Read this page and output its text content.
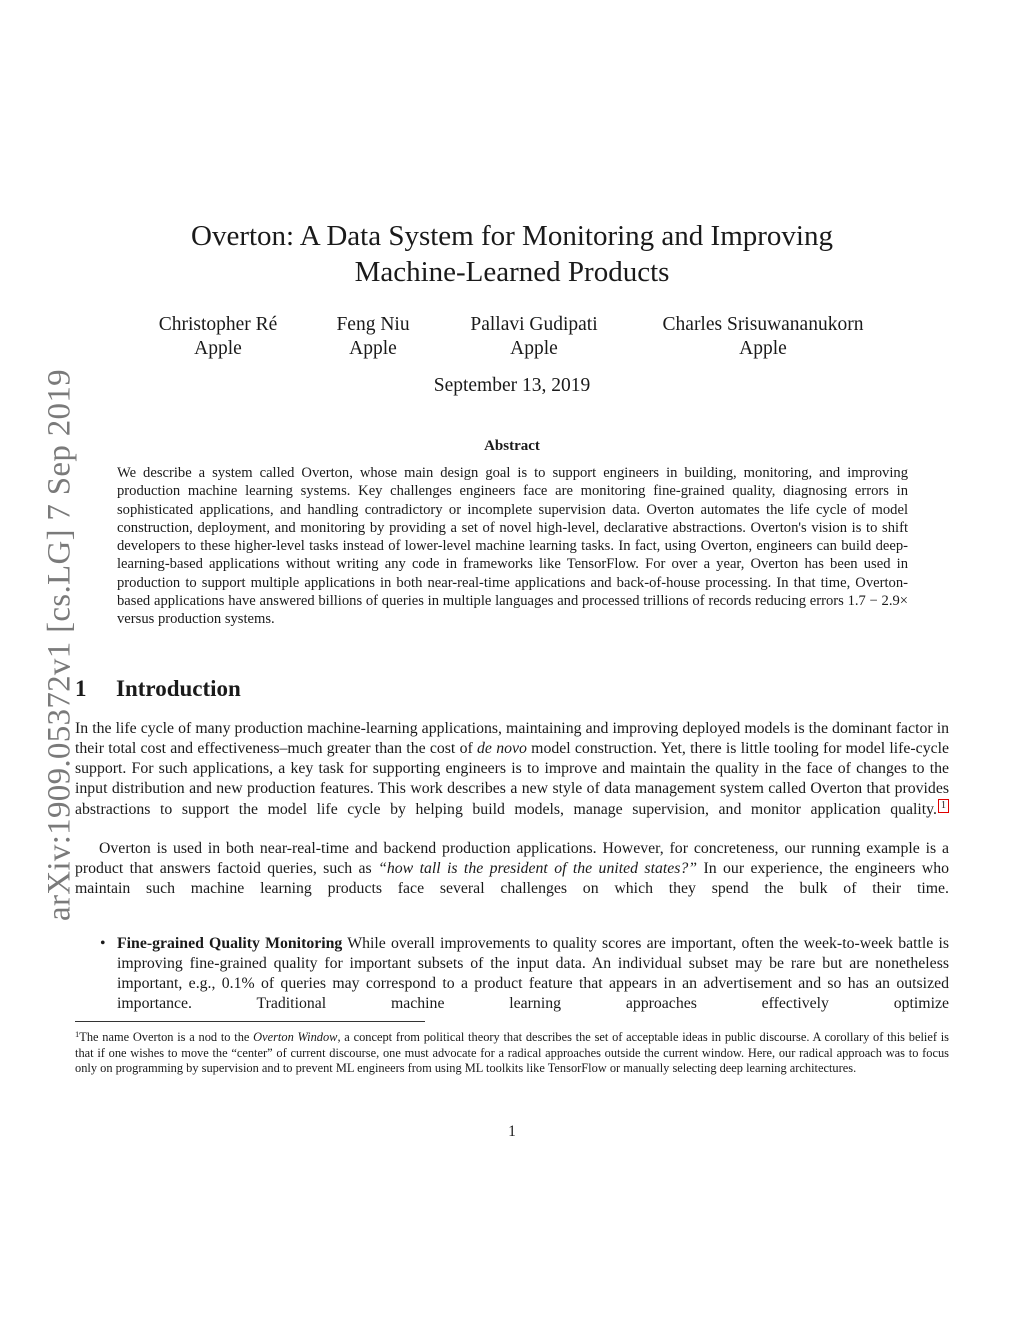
arXiv:1909.05372v1 [cs.LG] 7 Sep 2019
Overton: A Data System for Monitoring and Improving
Machine-Learned Products
Christopher Ré
Apple
Feng Niu
Apple
Pallavi Gudipati
Apple
Charles Srisuwananukorn
Apple
September 13, 2019
Abstract
We describe a system called Overton, whose main design goal is to support engineers in building, monitoring, and improving production machine learning systems. Key challenges engineers face are monitoring fine-grained quality, diagnosing errors in sophisticated applications, and handling contradictory or incomplete supervision data. Overton automates the life cycle of model construction, deployment, and monitoring by providing a set of novel high-level, declarative abstractions. Overton's vision is to shift developers to these higher-level tasks instead of lower-level machine learning tasks. In fact, using Overton, engineers can build deep-learning-based applications without writing any code in frameworks like TensorFlow. For over a year, Overton has been used in production to support multiple applications in both near-real-time applications and back-of-house processing. In that time, Overton-based applications have answered billions of queries in multiple languages and processed trillions of records reducing errors 1.7 − 2.9× versus production systems.
1 Introduction
In the life cycle of many production machine-learning applications, maintaining and improving deployed models is the dominant factor in their total cost and effectiveness–much greater than the cost of de novo model construction. Yet, there is little tooling for model life-cycle support. For such applications, a key task for supporting engineers is to improve and maintain the quality in the face of changes to the input distribution and new production features. This work describes a new style of data management system called Overton that provides abstractions to support the model life cycle by helping build models, manage supervision, and monitor application quality. 1
Overton is used in both near-real-time and backend production applications. However, for concreteness, our running example is a product that answers factoid queries, such as “how tall is the president of the united states?” In our experience, the engineers who maintain such machine learning products face several challenges on which they spend the bulk of their time.
• Fine-grained Quality Monitoring While overall improvements to quality scores are important, often the week-to-week battle is improving fine-grained quality for important subsets of the input data. An individual subset may be rare but are nonetheless important, e.g., 0.1% of queries may correspond to a product feature that appears in an advertisement and so has an outsized importance. Traditional machine learning approaches effectively optimize
$^1$The name Overton is a nod to the Overton Window, a concept from political theory that describes the set of acceptable ideas in public discourse. A corollary of this belief is that if one wishes to move the “center” of current discourse, one must advocate for a radical approaches outside the current window. Here, our radical approach was to focus only on programming by supervision and to prevent ML engineers from using ML toolkits like TensorFlow or manually selecting deep learning architectures.
1
